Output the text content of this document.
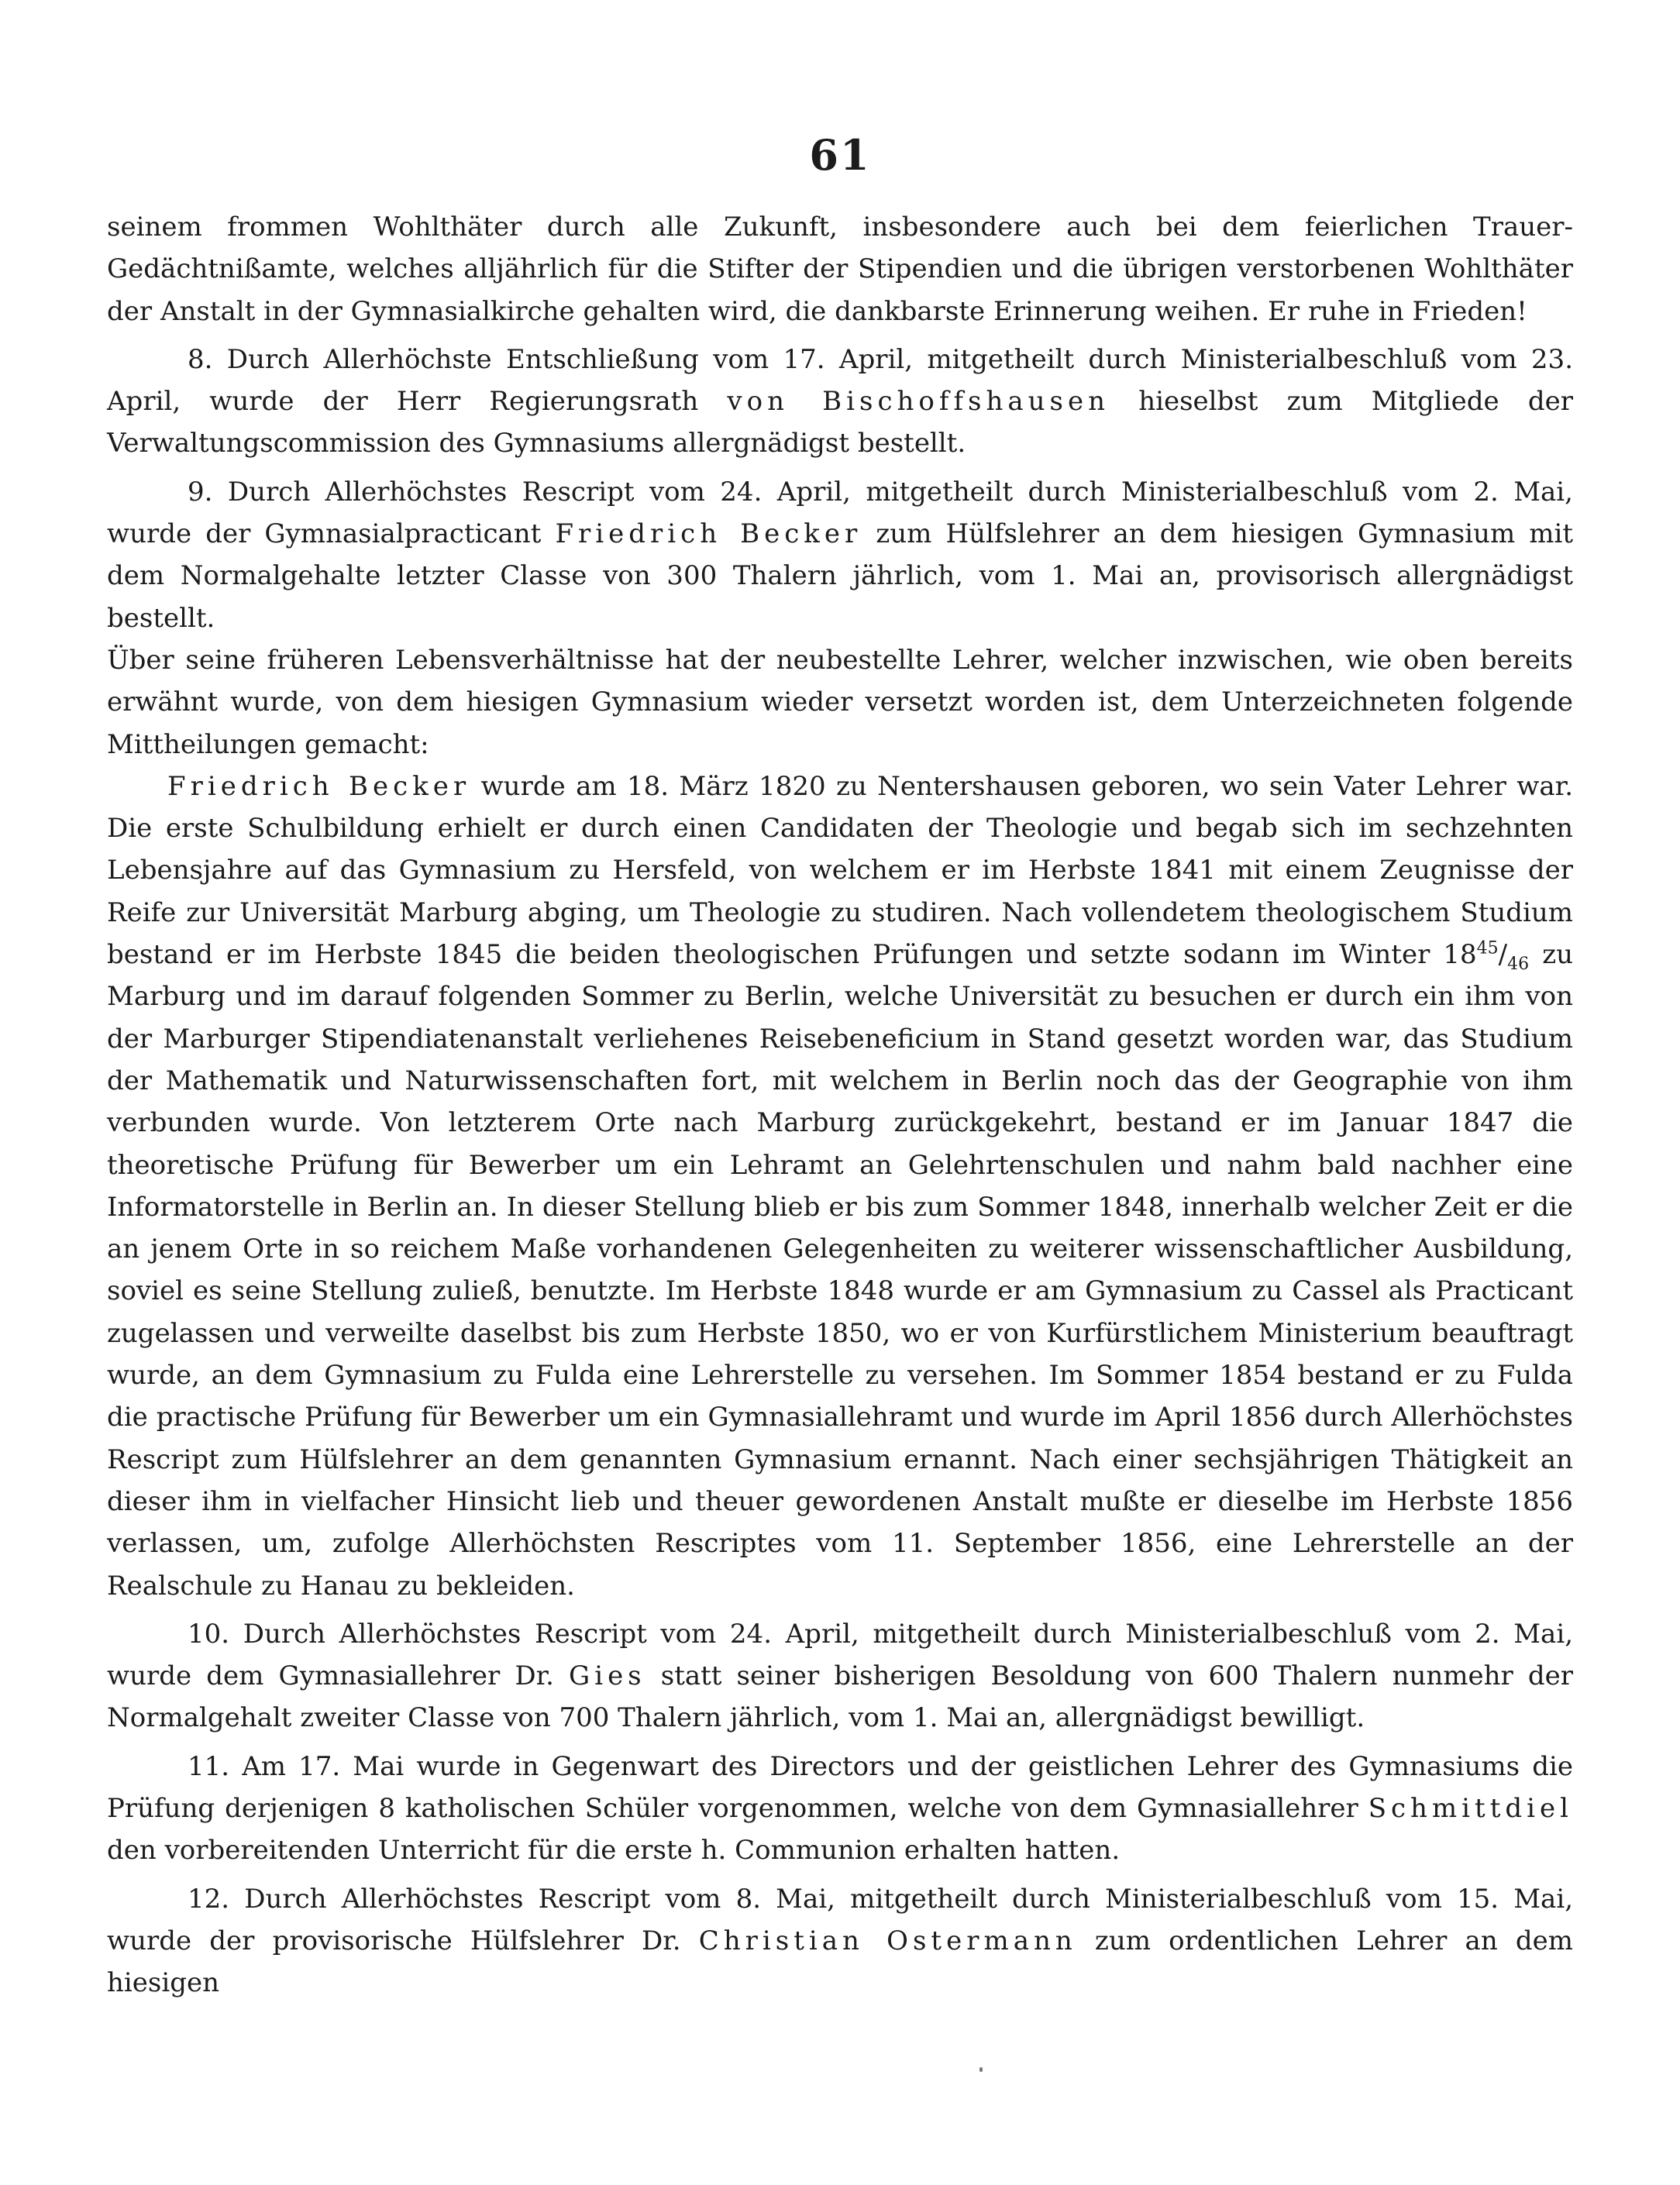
61

seinem frommen Wohlthäter durch alle Zukunft, insbesondere auch bei dem feierlichen Trauer-Gedächtnißamte, welches alljährlich für die Stifter der Stipendien und die übrigen verstorbenen Wohlthäter der Anstalt in der Gymnasialkirche gehalten wird, die dankbarste Erinnerung weihen. Er ruhe in Frieden!

8. Durch Allerhöchste Entschließung vom 17. April, mitgetheilt durch Ministerialbeschluß vom 23. April, wurde der Herr Regierungsrath von Bischoffshausen hieselbst zum Mitgliede der Verwaltungscommission des Gymnasiums allergnädigst bestellt.

9. Durch Allerhöchstes Rescript vom 24. April, mitgetheilt durch Ministerialbeschluß vom 2. Mai, wurde der Gymnasialpracticant Friedrich Becker zum Hülfslehrer an dem hiesigen Gymnasium mit dem Normalgehalte letzter Classe von 300 Thalern jährlich, vom 1. Mai an, provisorisch allergnädigst bestellt.

Über seine früheren Lebensverhältnisse hat der neubestellte Lehrer, welcher inzwischen, wie oben bereits erwähnt wurde, von dem hiesigen Gymnasium wieder versetzt worden ist, dem Unterzeichneten folgende Mittheilungen gemacht:

Friedrich Becker wurde am 18. März 1820 zu Nentershausen geboren, wo sein Vater Lehrer war. Die erste Schulbildung erhielt er durch einen Candidaten der Theologie und begab sich im sechzehnten Lebensjahre auf das Gymnasium zu Hersfeld, von welchem er im Herbste 1841 mit einem Zeugnisse der Reife zur Universität Marburg abging, um Theologie zu studiren. Nach vollendetem theologischem Studium bestand er im Herbste 1845 die beiden theologischen Prüfungen und setzte sodann im Winter $18^{45}/_{46}$ zu Marburg und im darauf folgenden Sommer zu Berlin, welche Universität zu besuchen er durch ein ihm von der Marburger Stipendiatenanstalt verliehenes Reisebeneficium in Stand gesetzt worden war, das Studium der Mathematik und Naturwissenschaften fort, mit welchem in Berlin noch das der Geographie von ihm verbunden wurde. Von letzterem Orte nach Marburg zurückgekehrt, bestand er im Januar 1847 die theoretische Prüfung für Bewerber um ein Lehramt an Gelehrtenschulen und nahm bald nachher eine Informatorstelle in Berlin an. In dieser Stellung blieb er bis zum Sommer 1848, innerhalb welcher Zeit er die an jenem Orte in so reichem Maße vorhandenen Gelegenheiten zu weiterer wissenschaftlicher Ausbildung, soviel es seine Stellung zuließ, benutzte. Im Herbste 1848 wurde er am Gymnasium zu Cassel als Practicant zugelassen und verweilte daselbst bis zum Herbste 1850, wo er von Kurfürstlichem Ministerium beauftragt wurde, an dem Gymnasium zu Fulda eine Lehrerstelle zu versehen. Im Sommer 1854 bestand er zu Fulda die practische Prüfung für Bewerber um ein Gymnasiallehramt und wurde im April 1856 durch Allerhöchstes Rescript zum Hülfslehrer an dem genannten Gymnasium ernannt. Nach einer sechsjährigen Thätigkeit an dieser ihm in vielfacher Hinsicht lieb und theuer gewordenen Anstalt mußte er dieselbe im Herbste 1856 verlassen, um, zufolge Allerhöchsten Rescriptes vom 11. September 1856, eine Lehrerstelle an der Realschule zu Hanau zu bekleiden.

10. Durch Allerhöchstes Rescript vom 24. April, mitgetheilt durch Ministerialbeschluß vom 2. Mai, wurde dem Gymnasiallehrer Dr. Gies statt seiner bisherigen Besoldung von 600 Thalern nunmehr der Normalgehalt zweiter Classe von 700 Thalern jährlich, vom 1. Mai an, allergnädigst bewilligt.

11. Am 17. Mai wurde in Gegenwart des Directors und der geistlichen Lehrer des Gymnasiums die Prüfung derjenigen 8 katholischen Schüler vorgenommen, welche von dem Gymnasiallehrer Schmittdiel den vorbereitenden Unterricht für die erste h. Communion erhalten hatten.

12. Durch Allerhöchstes Rescript vom 8. Mai, mitgetheilt durch Ministerialbeschluß vom 15. Mai, wurde der provisorische Hülfslehrer Dr. Christian Ostermann zum ordentlichen Lehrer an dem hiesigen
